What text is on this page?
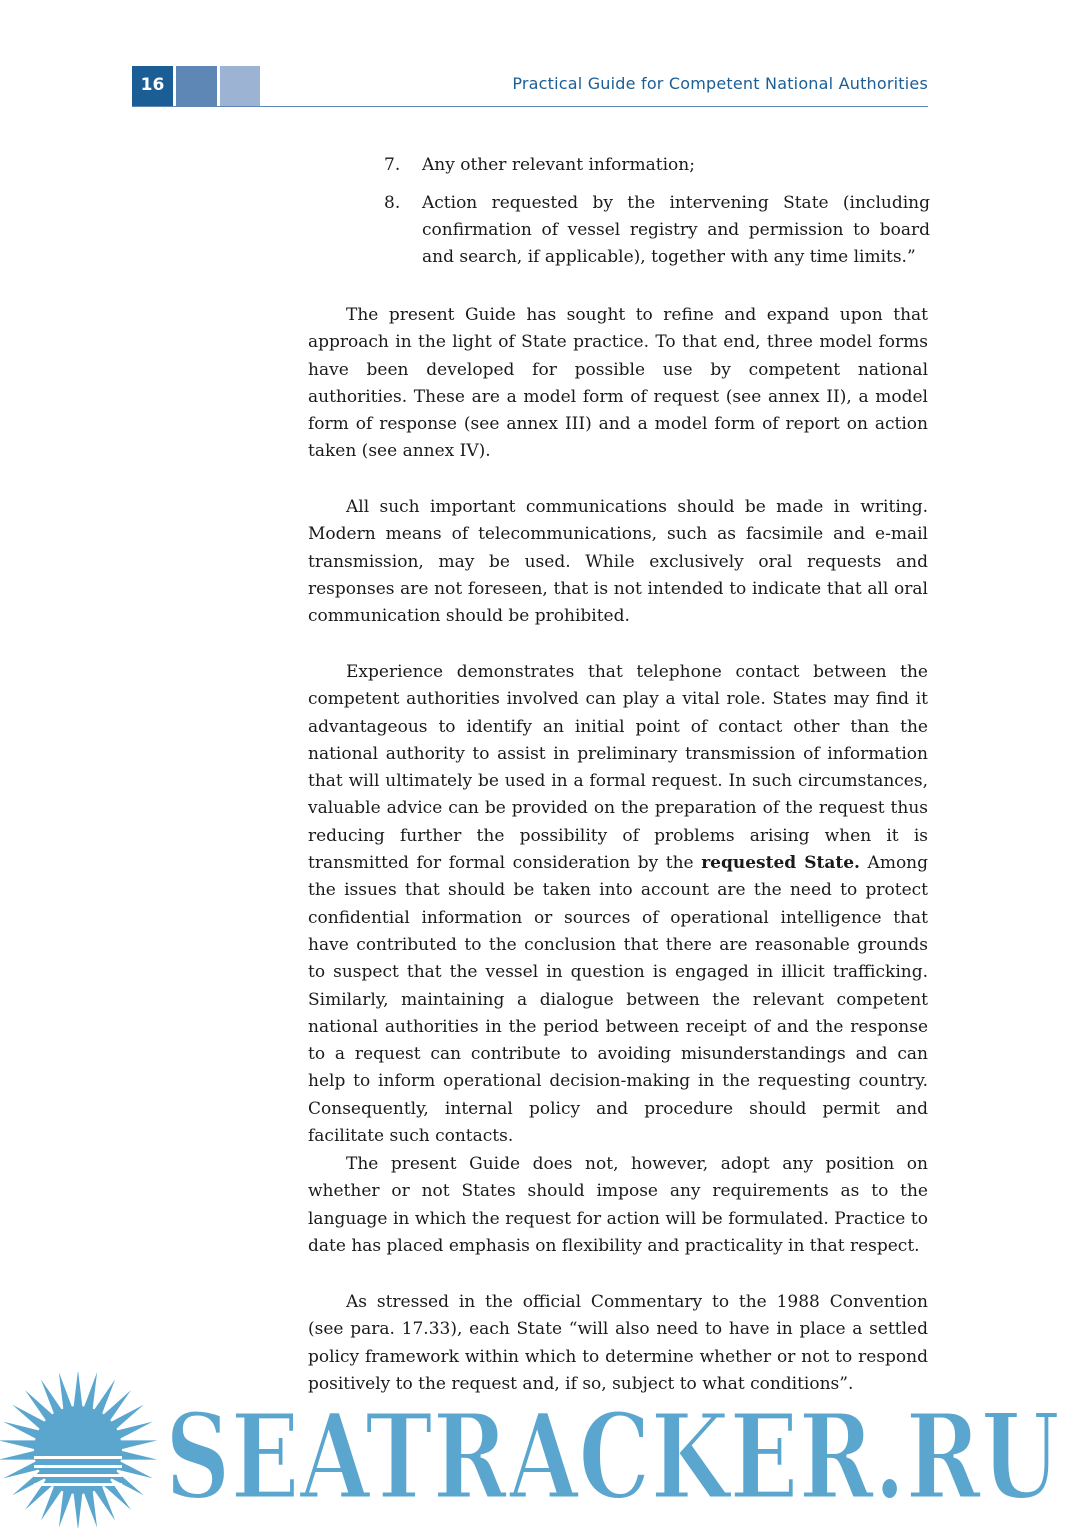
16	Practical Guide for Competent National Authorities
7. Any other relevant information;
8. Action requested by the intervening State (including confirmation of vessel registry and permission to board and search, if applicable), together with any time limits.”

The present Guide has sought to refine and expand upon that approach in the light of State practice. To that end, three model forms have been developed for possible use by competent national authorities. These are a model form of request (see annex II), a model form of response (see annex III) and a model form of report on action taken (see annex IV).

All such important communications should be made in writing. Modern means of telecommunications, such as facsimile and e-mail transmission, may be used. While exclusively oral requests and responses are not foreseen, that is not intended to indicate that all oral communication should be prohibited.

Experience demonstrates that telephone contact between the competent authorities involved can play a vital role. States may find it advantageous to identify an initial point of contact other than the national authority to assist in preliminary transmission of information that will ultimately be used in a formal request. In such circumstances, valuable advice can be provided on the preparation of the request thus reducing further the possibility of problems arising when it is transmitted for formal consideration by the requested State. Among the issues that should be taken into account are the need to protect confidential information or sources of operational intelligence that have contributed to the conclusion that there are reasonable grounds to suspect that the vessel in question is engaged in illicit trafficking. Similarly, maintaining a dialogue between the relevant competent national authorities in the period between receipt of and the response to a request can contribute to avoiding misunderstandings and can help to inform operational decision-making in the requesting country. Consequently, internal policy and procedure should permit and facilitate such contacts.

The present Guide does not, however, adopt any position on whether or not States should impose any requirements as to the language in which the request for action will be formulated. Practice to date has placed emphasis on flexibility and practicality in that respect.

As stressed in the official Commentary to the 1988 Convention (see para. 17.33), each State “will also need to have in place a settled policy framework within which to determine whether or not to respond positively to the request and, if so, subject to what conditions”.

SEATRACKER.RU
